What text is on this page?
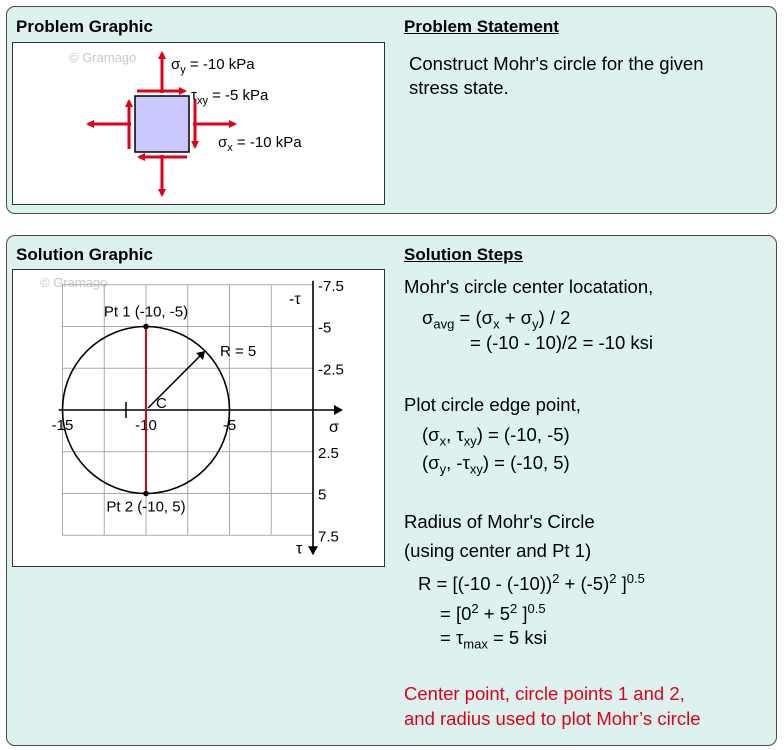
Problem Graphic	Problem Statement
Construct Mohr's circle for the given
stress state.
© Gramago $\sigma_y = -10$ kPa
$\tau_{xy} = -5$ kPa
$\sigma_x = -10$ kPa
Solution Graphic	Solution Steps
© Gramago
σ
τ
-τ
-15	-10	-5
-7.5
-5
-2.5
2.5
5
7.5
Pt 1 (-10, -5)
Pt 2 (-10, 5)
C
R = 5
Mohr's circle center locatation,
$\sigma_{avg} = (\sigma_x + \sigma_y) / 2$
= (-10 - 10)/2 = -10 ksi
Plot circle edge point,
($\sigma_x$, $\tau_{xy}) = (-10$, -5)
($\sigma_y$, $-\tau_{xy}) = (-10$, 5)
Radius of Mohr's Circle
(using center and Pt 1)
$R = [(-10 - (-10))^2 + (-5)^2$ ]$^{0.5}$
= [$0^2 + 5^2$ ]$^{0.5}$
= $\tau_{max} = 5$ ksi
Center point, circle points 1 and 2,
and radius used to plot Mohr’s circle
